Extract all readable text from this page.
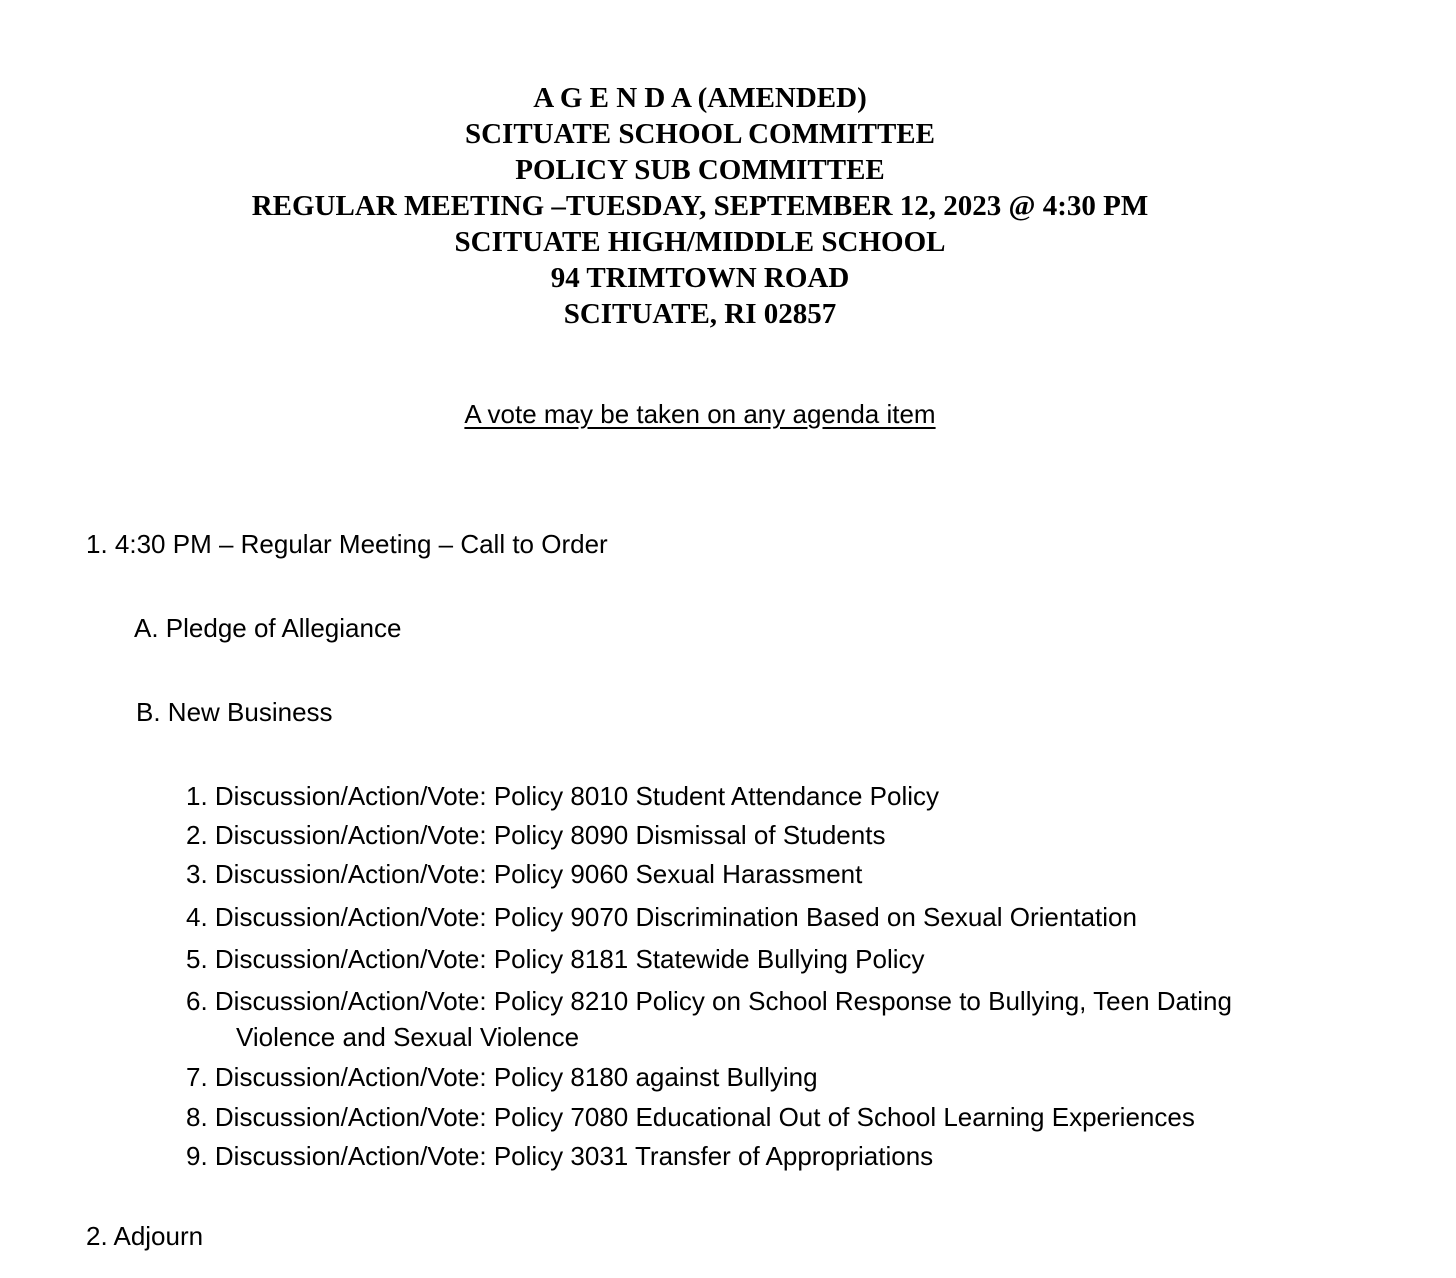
A G E N D A (AMENDED)
SCITUATE SCHOOL COMMITTEE
POLICY SUB COMMITTEE
REGULAR MEETING –TUESDAY, SEPTEMBER 12, 2023 @ 4:30 PM
SCITUATE HIGH/MIDDLE SCHOOL
94 TRIMTOWN ROAD
SCITUATE, RI 02857
A vote may be taken on any agenda item
1. 4:30 PM – Regular Meeting – Call to Order
A. Pledge of Allegiance
B. New Business
1. Discussion/Action/Vote: Policy 8010 Student Attendance Policy
2. Discussion/Action/Vote: Policy 8090 Dismissal of Students
3. Discussion/Action/Vote: Policy 9060 Sexual Harassment
4. Discussion/Action/Vote: Policy 9070 Discrimination Based on Sexual Orientation
5. Discussion/Action/Vote: Policy 8181 Statewide Bullying Policy
6. Discussion/Action/Vote: Policy 8210 Policy on School Response to Bullying, Teen Dating
Violence and Sexual Violence
7. Discussion/Action/Vote: Policy 8180 against Bullying
8. Discussion/Action/Vote: Policy 7080 Educational Out of School Learning Experiences
9. Discussion/Action/Vote: Policy 3031 Transfer of Appropriations
2. Adjourn
